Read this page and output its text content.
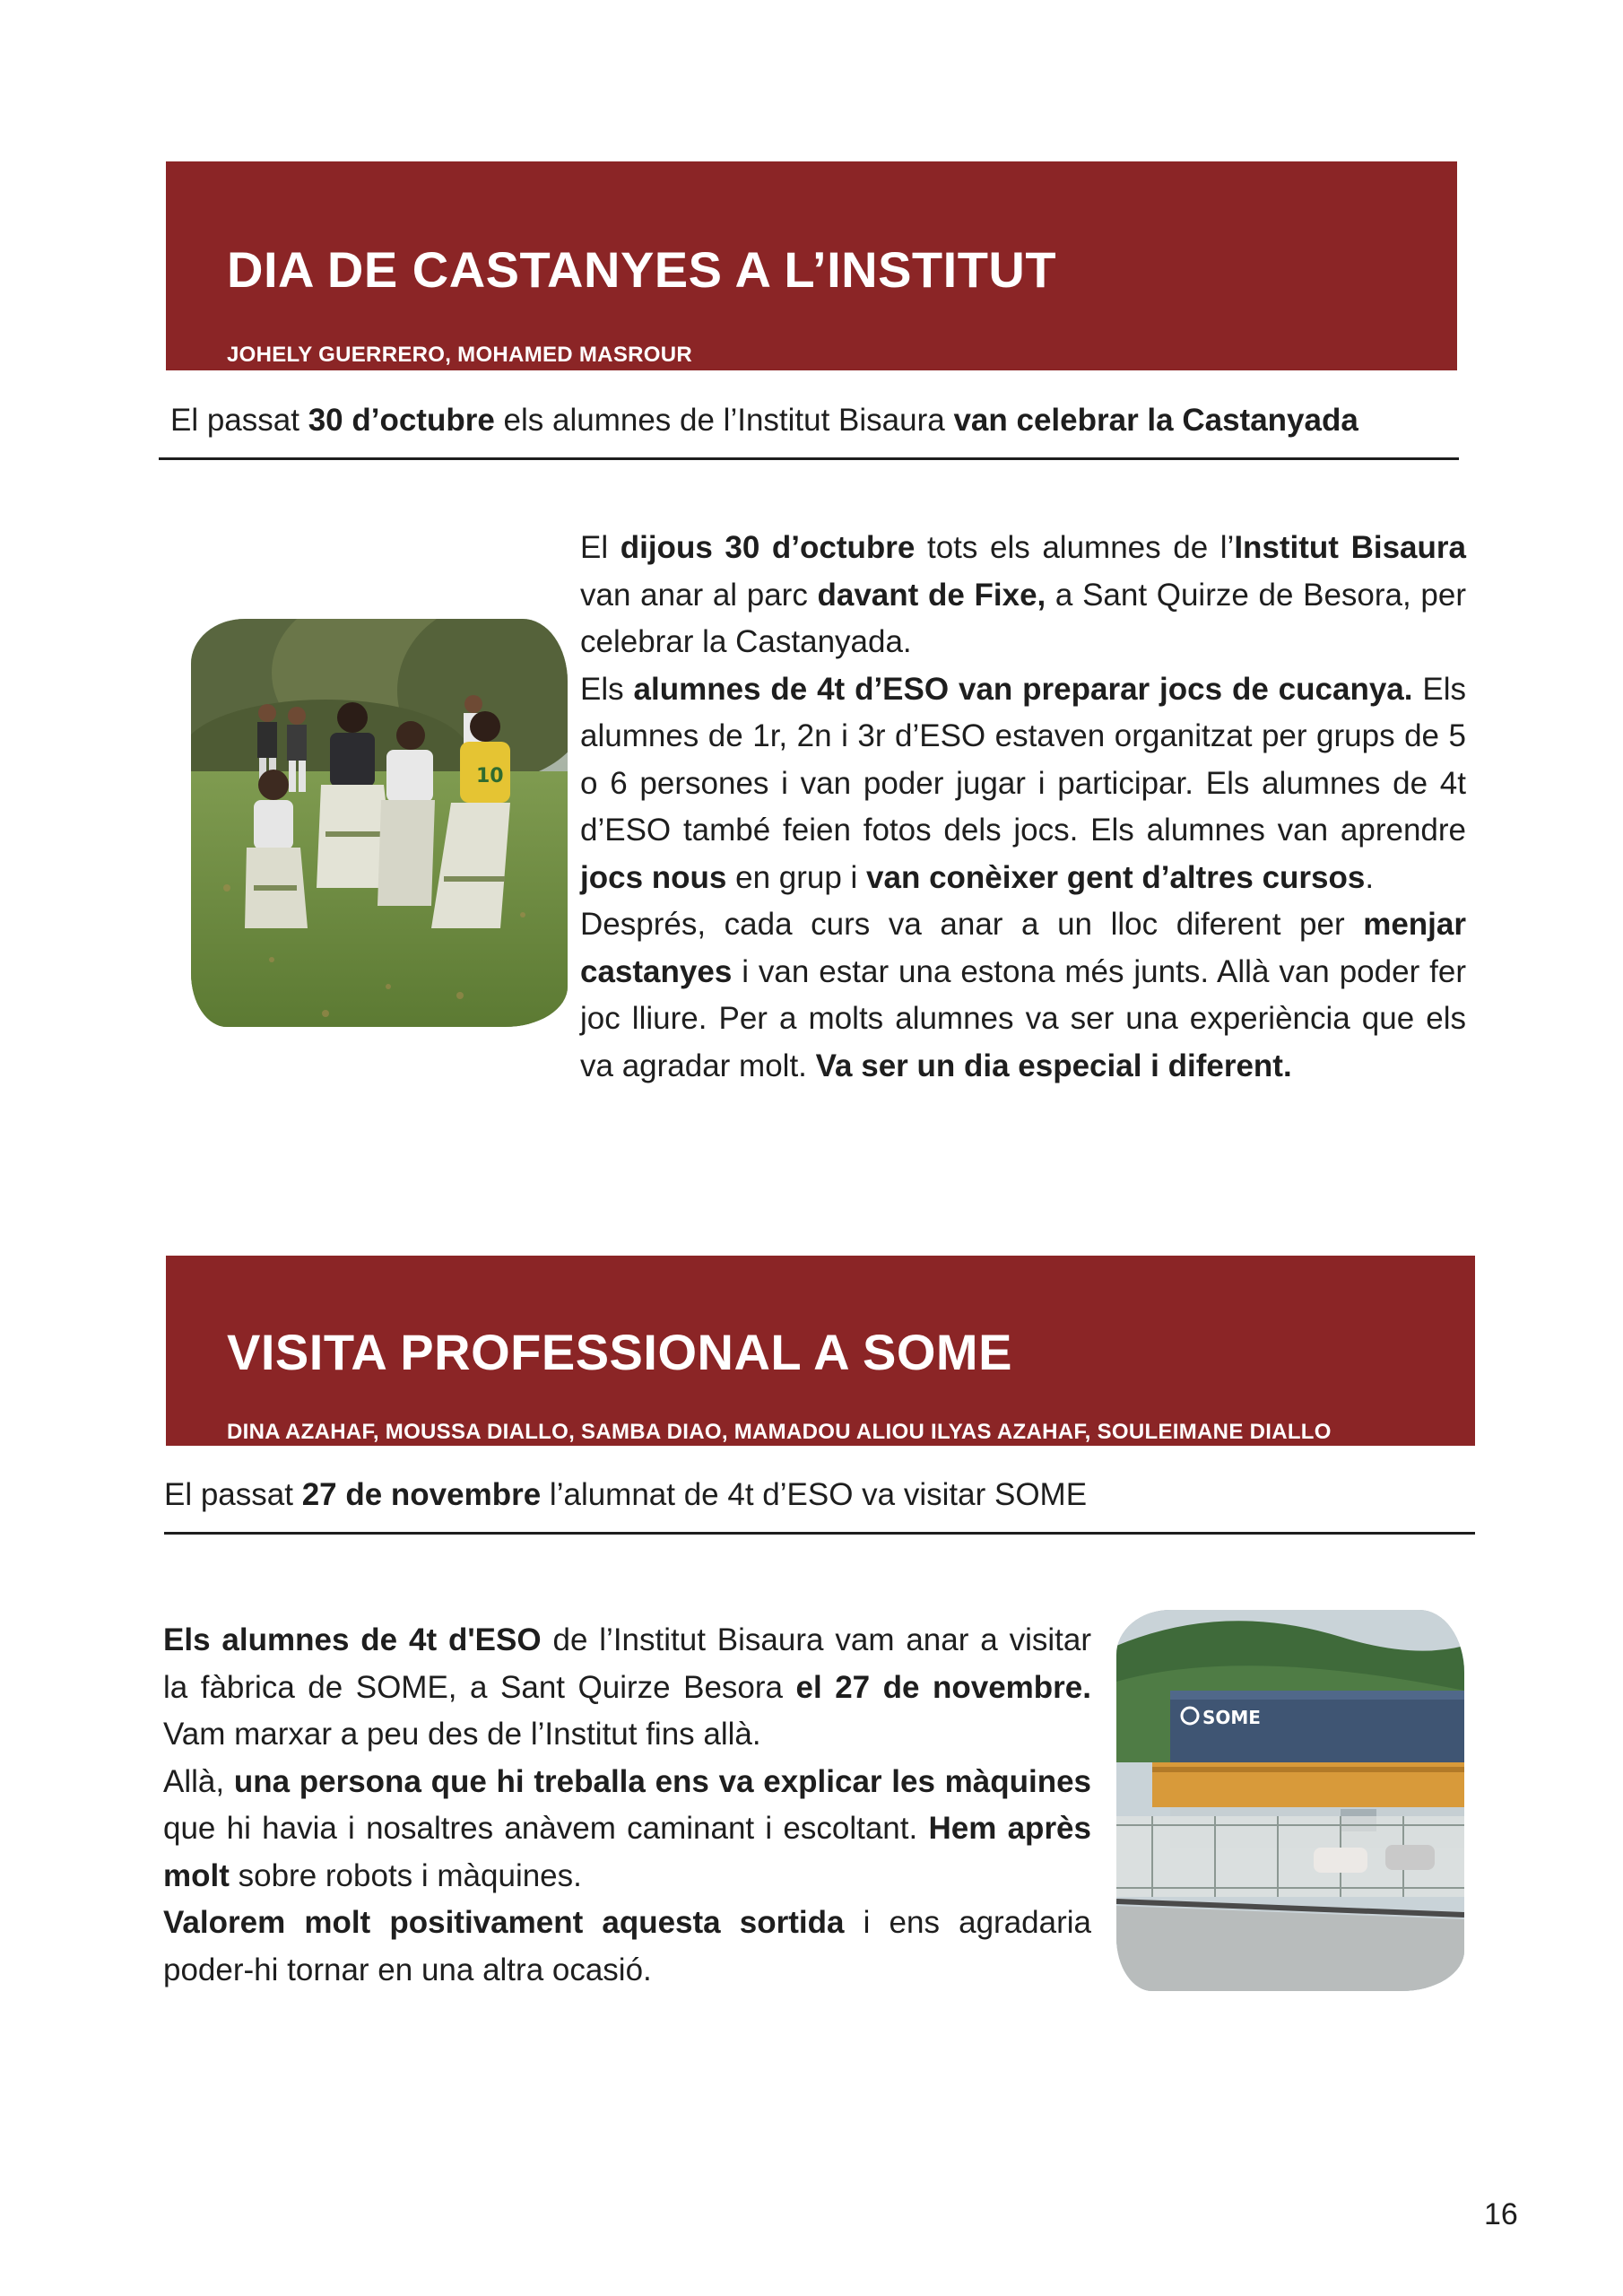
DIA DE CASTANYES A L’INSTITUT
JOHELY GUERRERO, MOHAMED MASROUR
El passat 30 d’octubre els alumnes de l’Institut Bisaura van celebrar la Castanyada
10

El dijous 30 d’octubre tots els alumnes de l’Institut Bisaura van anar al parc davant de Fixe, a Sant Quirze de Besora, per celebrar la Castanyada.

Els alumnes de 4t d’ESO van preparar jocs de cucanya. Els alumnes de 1r, 2n i 3r d’ESO estaven organitzat per grups de 5 o 6 persones i van poder jugar i participar. Els alumnes de 4t d’ESO també feien fotos dels jocs. Els alumnes van aprendre jocs nous en grup i van conèixer gent d’altres cursos.

Després, cada curs va anar a un lloc diferent per menjar castanyes i van estar una estona més junts. Allà van poder fer joc lliure. Per a molts alumnes va ser una experiència que els va agradar molt. Va ser un dia especial i diferent.

VISITA PROFESSIONAL A SOME
DINA AZAHAF, MOUSSA DIALLO, SAMBA DIAO, MAMADOU ALIOU ILYAS AZAHAF, SOULEIMANE DIALLO
El passat 27 de novembre l’alumnat de 4t d’ESO va visitar SOME

Els alumnes de 4t d'ESO de l’Institut Bisaura vam anar a visitar la fàbrica de SOME, a Sant Quirze Besora el 27 de novembre. Vam marxar a peu des de l’Institut fins allà.

Allà, una persona que hi treballa ens va explicar les màquines que hi havia i nosaltres anàvem caminant i escoltant. Hem après molt sobre robots i màquines.

Valorem molt positivament aquesta sortida i ens agradaria poder-hi tornar en una altra ocasió.

SOME
16
